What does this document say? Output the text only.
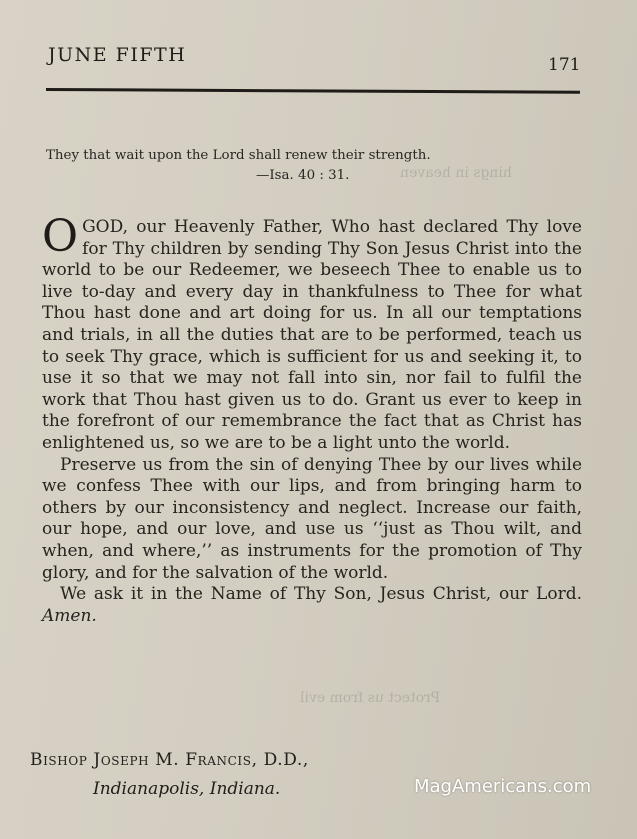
hings in heaven
Protect us from evil
JUNE FIFTH	171
They that wait upon the Lord shall renew their strength.
—Isa. 40 : 31.

OGOD, our Heavenly Father, Who hast declared Thy love for Thy children by sending Thy Son Jesus Christ into the world to be our Redeemer, we beseech Thee to enable us to live to-day and every day in thankfulness to Thee for what Thou hast done and art doing for us. In all our temptations and trials, in all the duties that are to be performed, teach us to seek Thy grace, which is sufficient for us and seeking it, to use it so that we may not fall into sin, nor fail to fulfil the work that Thou hast given us to do. Grant us ever to keep in the forefront of our remembrance the fact that as Christ has enlightened us, so we are to be a light unto the world.

Preserve us from the sin of denying Thee by our lives while we confess Thee with our lips, and from bringing harm to others by our inconsistency and neglect. Increase our faith, our hope, and our love, and use us ‘‘just as Thou wilt, and when, and where,’’ as instruments for the promotion of Thy glory, and for the salvation of the world.

We ask it in the Name of Thy Son, Jesus Christ, our Lord. Amen.

Bishop Joseph M. Francis, D.D.,
Indianapolis, Indiana.	MagAmericans.com
